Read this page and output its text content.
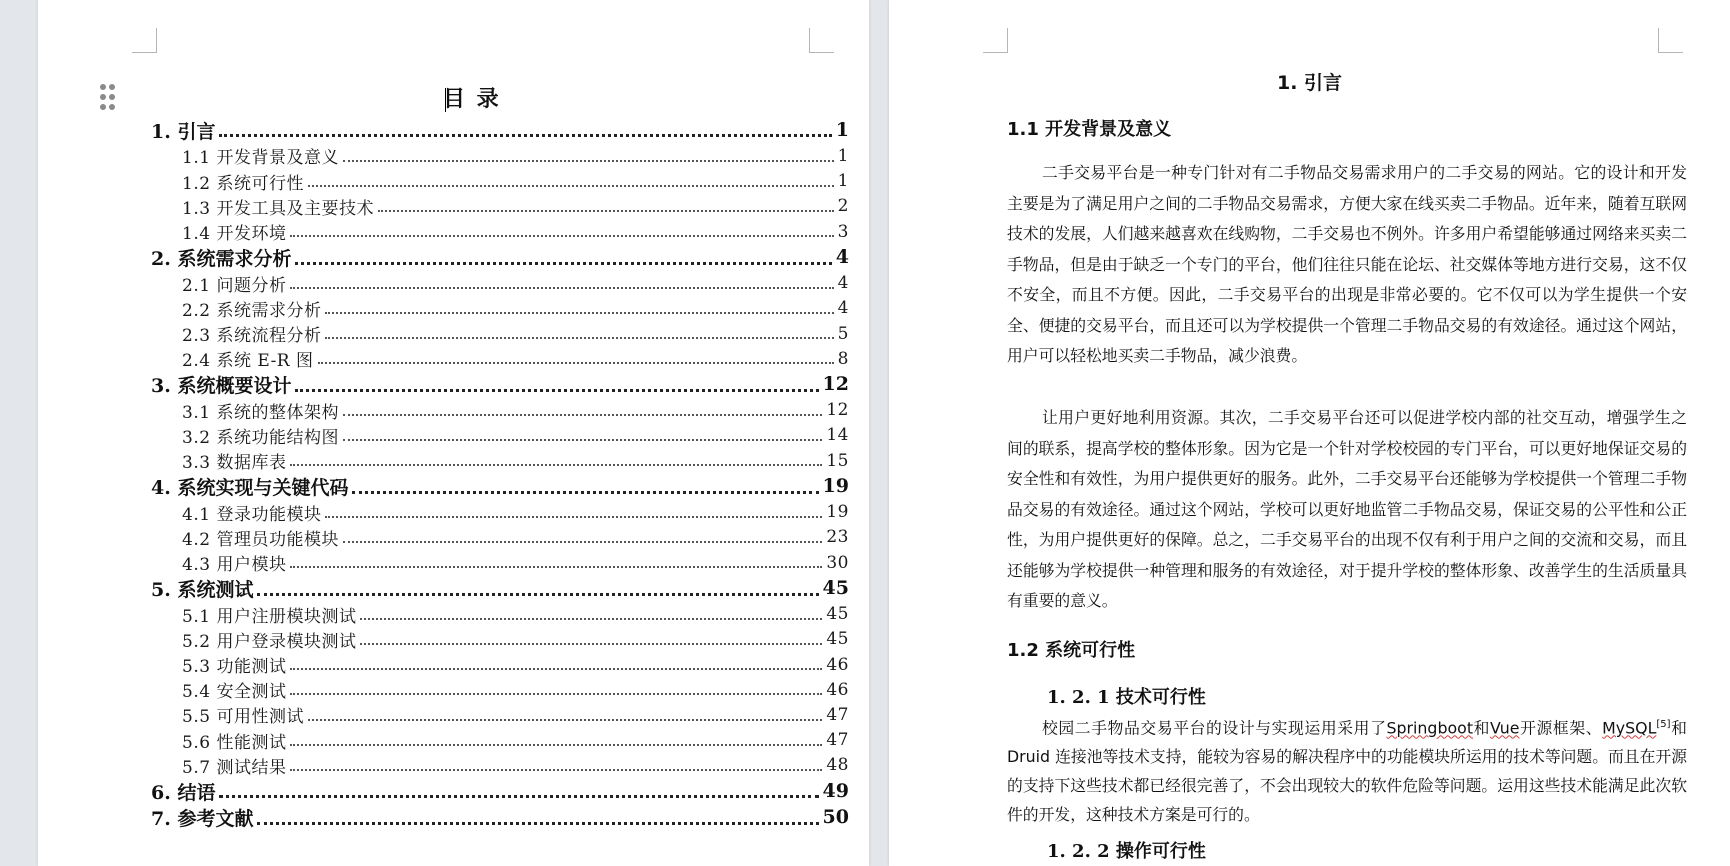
目 录
1. 引言	1
1.1 开发背景及意义	1
1.2 系统可行性	1
1.3 开发工具及主要技术	2
1.4 开发环境	3
2. 系统需求分析	4
2.1 问题分析	4
2.2 系统需求分析	4
2.3 系统流程分析	5
2.4 系统 E-R 图	8
3. 系统概要设计	12
3.1 系统的整体架构	12
3.2 系统功能结构图	14
3.3 数据库表	15
4. 系统实现与关键代码	19
4.1 登录功能模块	19
4.2 管理员功能模块	23
4.3 用户模块	30
5. 系统测试	45
5.1 用户注册模块测试	45
5.2 用户登录模块测试	45
5.3 功能测试	46
5.4 安全测试	46
5.5 可用性测试	47
5.6 性能测试	47
5.7 测试结果	48
6. 结语	49
7. 参考文献	50
1. 引言
1.1 开发背景及意义
二手交易平台是一种专门针对有二手物品交易需求用户的二手交易的网站。它的设计和开发主要是为了满足用户之间的二手物品交易需求，方便大家在线买卖二手物品。近年来，随着互联网技术的发展，人们越来越喜欢在线购物，二手交易也不例外。许多用户希望能够通过网络来买卖二手物品，但是由于缺乏一个专门的平台，他们往往只能在论坛、社交媒体等地方进行交易，这不仅不安全，而且不方便。因此，二手交易平台的出现是非常必要的。它不仅可以为学生提供一个安全、便捷的交易平台，而且还可以为学校提供一个管理二手物品交易的有效途径。通过这个网站，用户可以轻松地买卖二手物品，减少浪费。
让用户更好地利用资源。其次，二手交易平台还可以促进学校内部的社交互动，增强学生之间的联系，提高学校的整体形象。因为它是一个针对学校校园的专门平台，可以更好地保证交易的安全性和有效性，为用户提供更好的服务。此外，二手交易平台还能够为学校提供一个管理二手物品交易的有效途径。通过这个网站，学校可以更好地监管二手物品交易，保证交易的公平性和公正性，为用户提供更好的保障。总之，二手交易平台的出现不仅有利于用户之间的交流和交易，而且还能够为学校提供一种管理和服务的有效途径，对于提升学校的整体形象、改善学生的生活质量具有重要的意义。
1.2 系统可行性
1. 2. 1 技术可行性
校园二手物品交易平台的设计与实现运用采用了Springboot和Vue开源框架、MySQL[5]和 Druid 连接池等技术支持，能较为容易的解决程序中的功能模块所运用的技术等问题。而且在开源的支持下这些技术都已经很完善了，不会出现较大的软件危险等问题。运用这些技术能满足此次软件的开发，这种技术方案是可行的。
1. 2. 2 操作可行性
